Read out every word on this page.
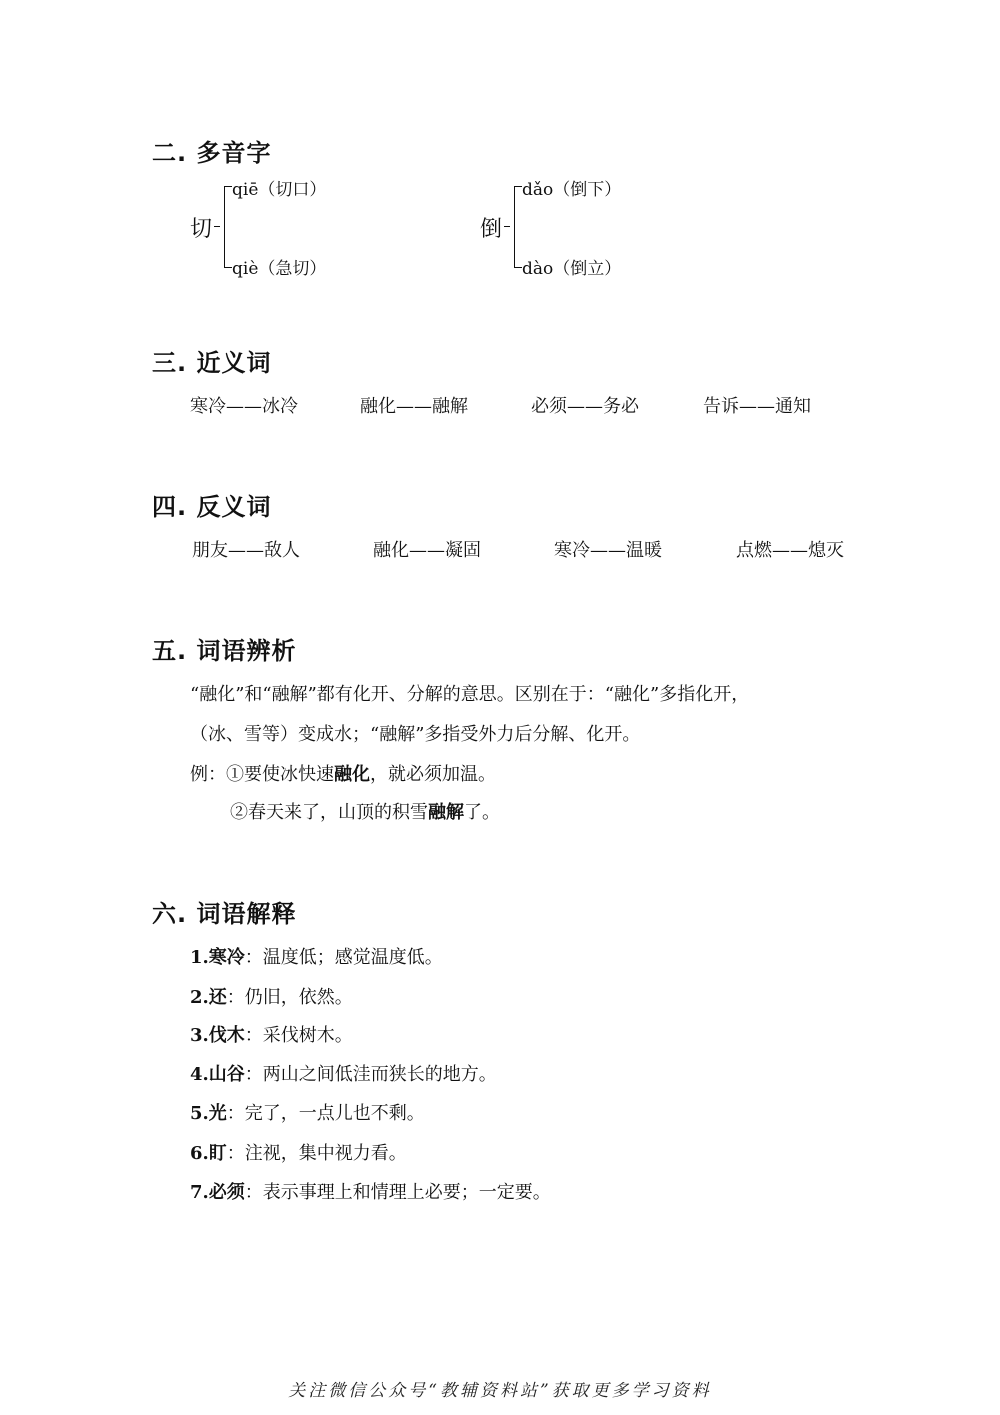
二. 多音字
切
qiē（切口）
qiè（急切）
倒
dǎo（倒下）
dào（倒立）
三. 近义词
寒冷——冰冷	融化——融解	必须——务必	告诉——通知
四. 反义词
朋友——敌人	融化——凝固	寒冷——温暖	点燃——熄灭
五. 词语辨析
“融化”和“融解”都有化开、分解的意思。区别在于：“融化”多指化开，
（冰、雪等）变成水；“融解”多指受外力后分解、化开。
例：①要使冰快速融化，就必须加温。
②春天来了，山顶的积雪融解了。
六. 词语解释
1.寒冷：温度低；感觉温度低。
2.还：仍旧，依然。
3.伐木：采伐树木。
4.山谷：两山之间低洼而狭长的地方。
5.光：完了，一点儿也不剩。
6.盯：注视，集中视力看。
7.必须：表示事理上和情理上必要；一定要。
关注微信公众号“教辅资料站”获取更多学习资料
